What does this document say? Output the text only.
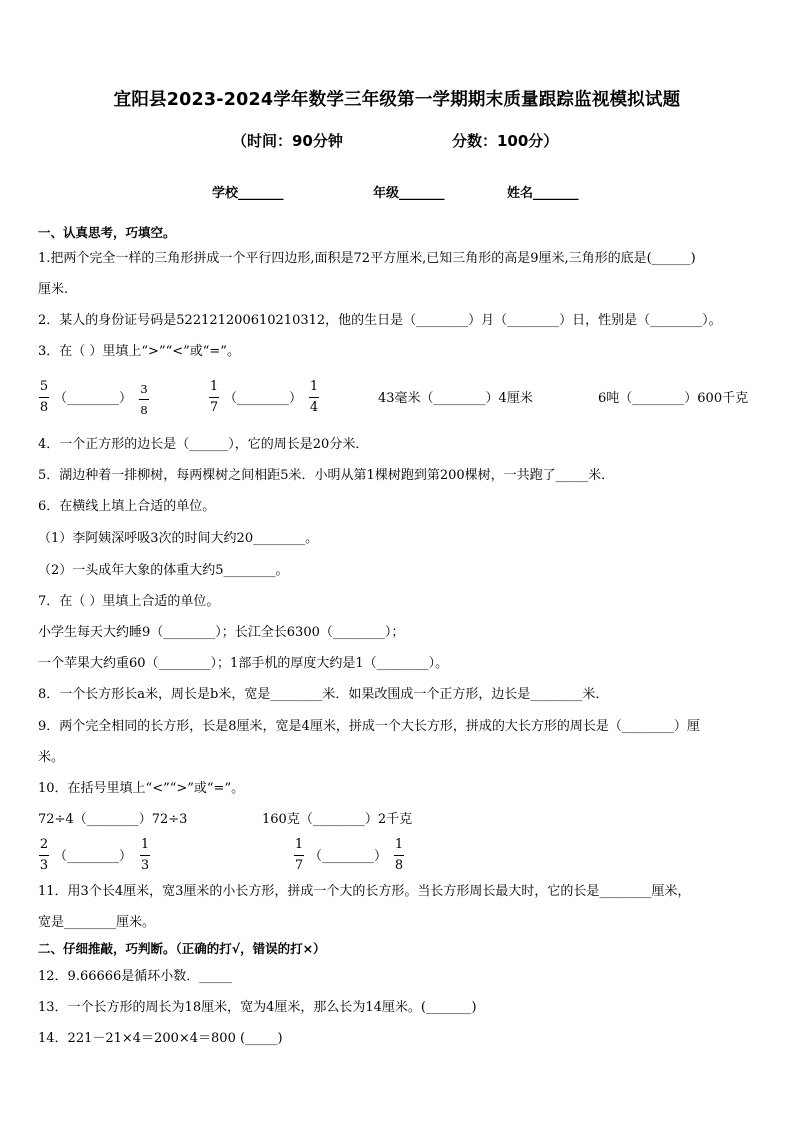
宜阳县2023-2024学年数学三年级第一学期期末质量跟踪监视模拟试题
（时间：90分钟	分数：100分）
学校_______	年级_______	姓名_______
一、认真思考，巧填空。
1.把两个完全一样的三角形拼成一个平行四边形,面积是72平方厘米,已知三角形的高是9厘米,三角形的底是(______)
厘米.
2．某人的身份证号码是522121200610210312，他的生日是（________）月（________）日，性别是（________）。
3．在（ ）里填上“>”“<”或“=”。
5
8
（________）
3
8
1
7
（________）
1
4
43毫米（________）4厘米	6吨（________）600千克
4．一个正方形的边长是（______），它的周长是20分米．
5．湖边种着一排柳树，每两棵树之间相距5米．小明从第1棵树跑到第200棵树，一共跑了_____米．
6．在横线上填上合适的单位。
（1）李阿姨深呼吸3次的时间大约20________。
（2）一头成年大象的体重大约5________。
7．在（ ）里填上合适的单位。
小学生每天大约睡9（________）；长江全长6300（________）；
一个苹果大约重60（________）；1部手机的厚度大约是1（________）。
8．一个长方形长a米，周长是b米，宽是________米．如果改围成一个正方形，边长是________米．
9．两个完全相同的长方形，长是8厘米，宽是4厘米，拼成一个大长方形，拼成的大长方形的周长是（________）厘
米。
10．在括号里填上“<”“>”或“=”。
72÷4（________）72÷3	160克（________）2千克
2
3
（________）
1
3
1
7
（________）
1
8
11．用3个长4厘米，宽3厘米的小长方形，拼成一个大的长方形。当长方形周长最大时，它的长是________厘米，
宽是________厘米。
二、仔细推敲，巧判断。（正确的打√，错误的打×）
12．9.66666是循环小数．_____
13．一个长方形的周长为18厘米，宽为4厘米，那么长为14厘米。(_______)
14．221－21×4＝200×4＝800 (_____)
